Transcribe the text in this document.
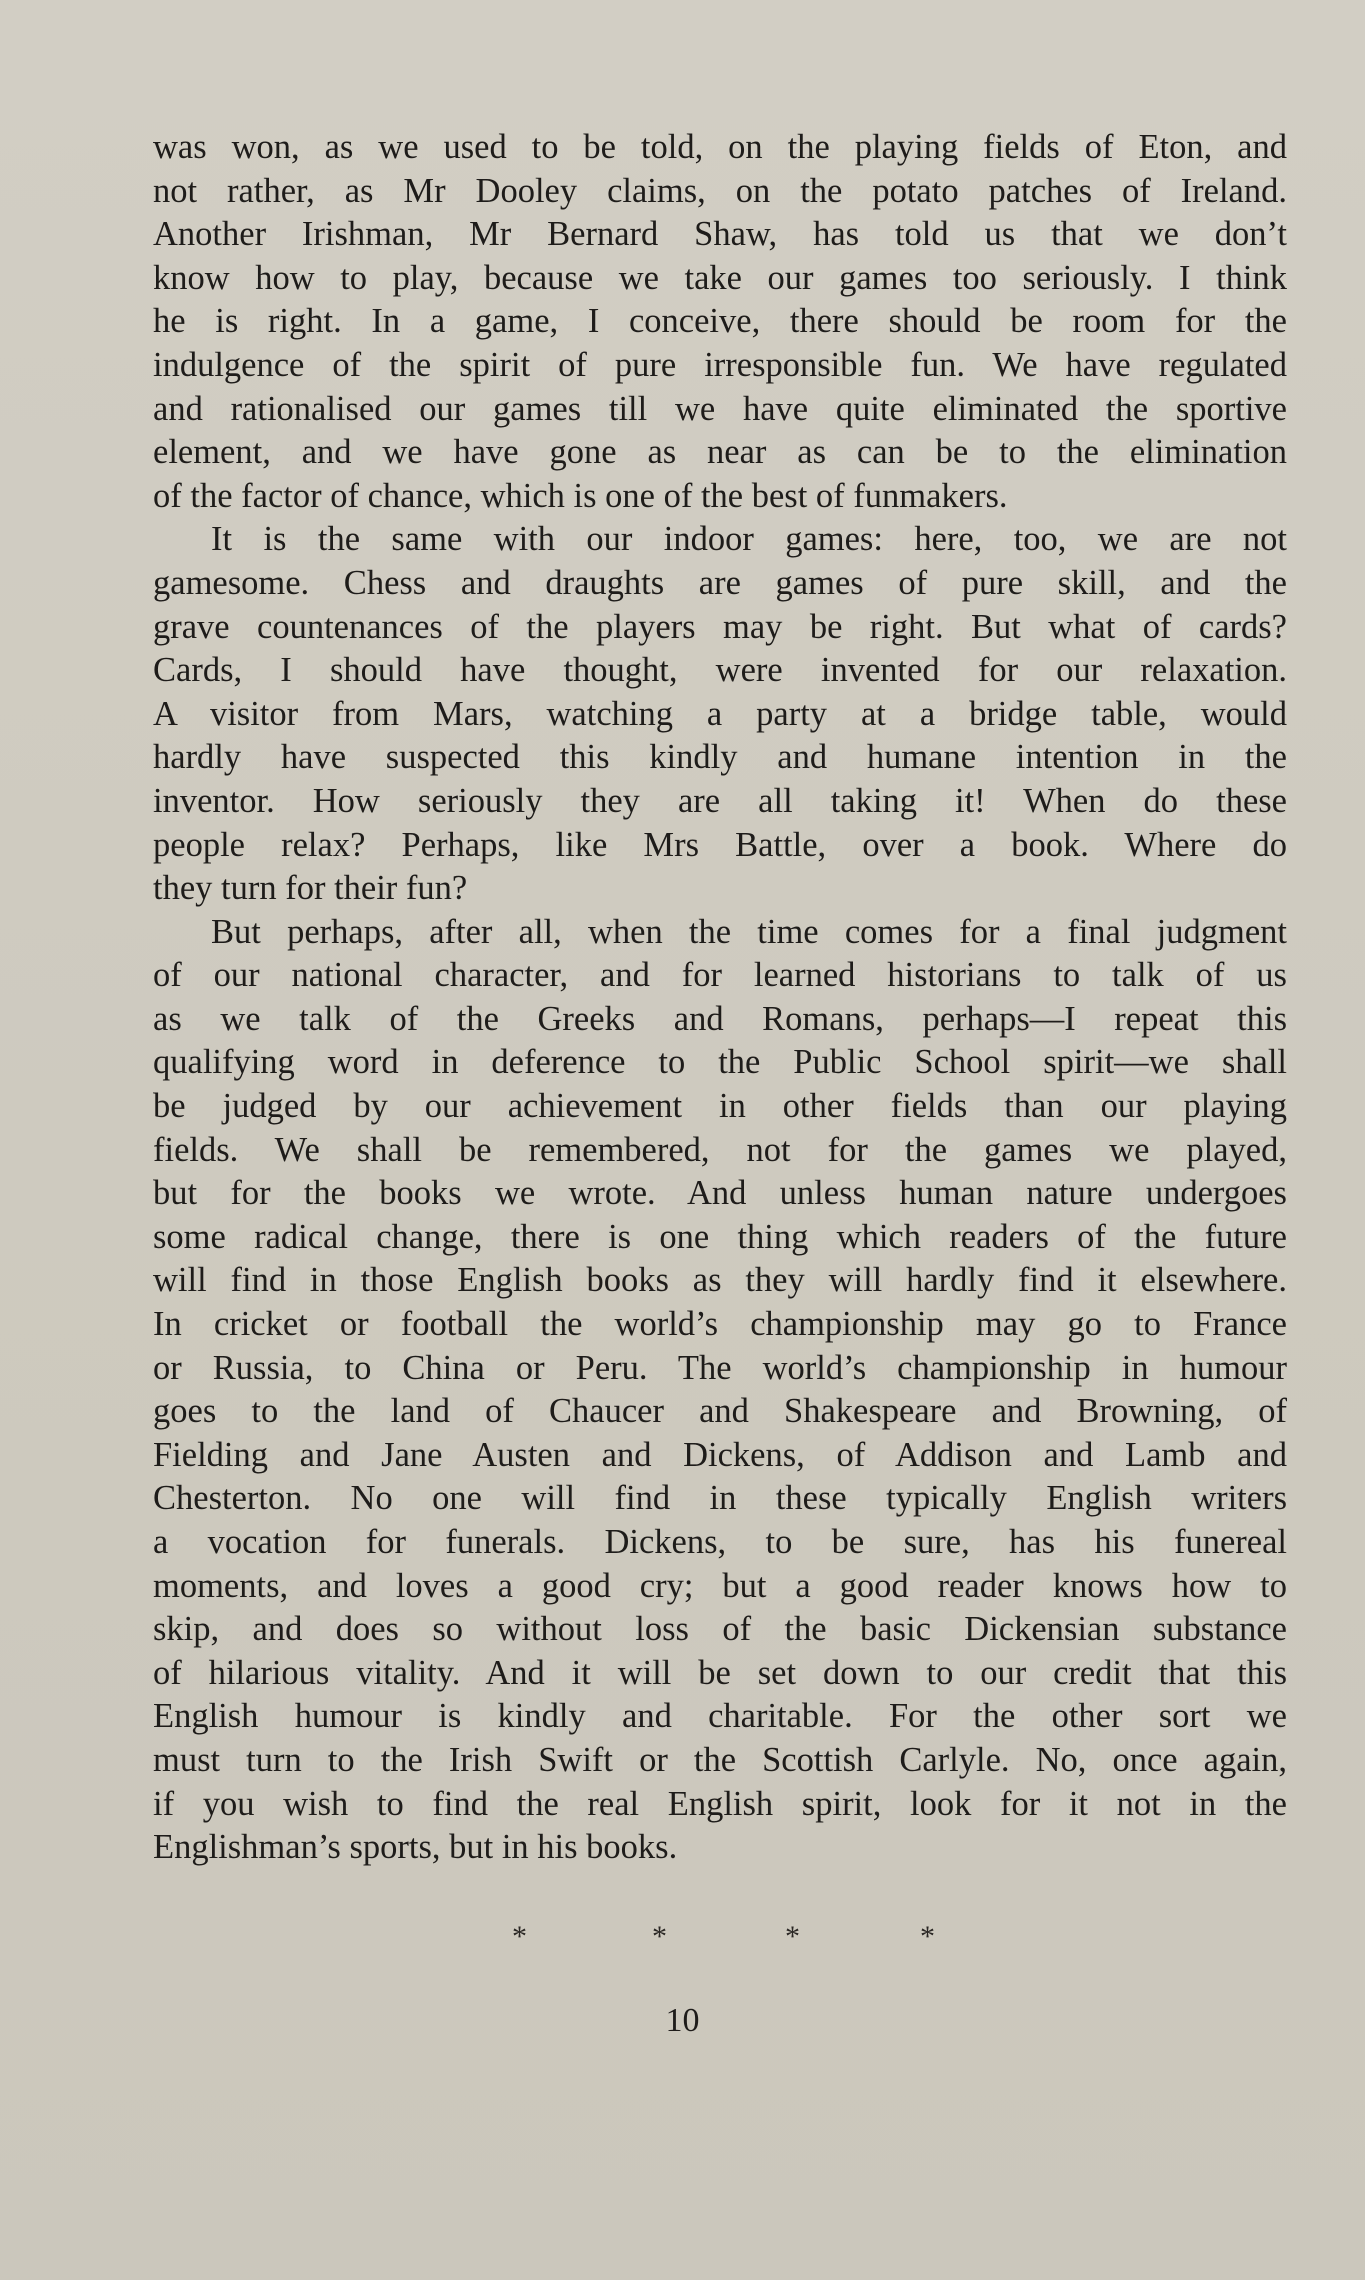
was won, as we used to be told, on the playing fields of Eton, and
not rather, as Mr Dooley claims, on the potato patches of Ireland.
Another Irishman, Mr Bernard Shaw, has told us that we don’t
know how to play, because we take our games too seriously. I think
he is right. In a game, I conceive, there should be room for the
indulgence of the spirit of pure irresponsible fun. We have regulated
and rationalised our games till we have quite eliminated the sportive
element, and we have gone as near as can be to the elimination
of the factor of chance, which is one of the best of funmakers.
It is the same with our indoor games: here, too, we are not
gamesome. Chess and draughts are games of pure skill, and the
grave countenances of the players may be right. But what of cards?
Cards, I should have thought, were invented for our relaxation.
A visitor from Mars, watching a party at a bridge table, would
hardly have suspected this kindly and humane intention in the
inventor. How seriously they are all taking it! When do these
people relax? Perhaps, like Mrs Battle, over a book. Where do
they turn for their fun?
But perhaps, after all, when the time comes for a final judgment
of our national character, and for learned historians to talk of us
as we talk of the Greeks and Romans, perhaps—I repeat this
qualifying word in deference to the Public School spirit—we shall
be judged by our achievement in other fields than our playing
fields. We shall be remembered, not for the games we played,
but for the books we wrote. And unless human nature undergoes
some radical change, there is one thing which readers of the future
will find in those English books as they will hardly find it elsewhere.
In cricket or football the world’s championship may go to France
or Russia, to China or Peru. The world’s championship in humour
goes to the land of Chaucer and Shakespeare and Browning, of
Fielding and Jane Austen and Dickens, of Addison and Lamb and
Chesterton. No one will find in these typically English writers
a vocation for funerals. Dickens, to be sure, has his funereal
moments, and loves a good cry; but a good reader knows how to
skip, and does so without loss of the basic Dickensian substance
of hilarious vitality. And it will be set down to our credit that this
English humour is kindly and charitable. For the other sort we
must turn to the Irish Swift or the Scottish Carlyle. No, once again,
if you wish to find the real English spirit, look for it not in the
Englishman’s sports, but in his books.
*	*	*	*
10
